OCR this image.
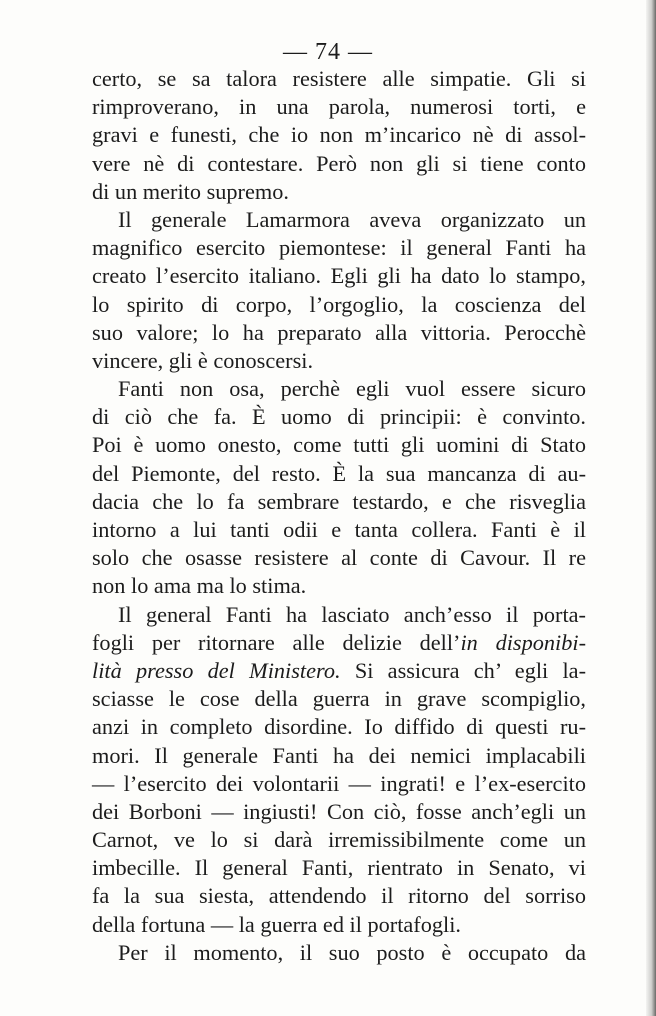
— 74 —
certo, se sa talora resistere alle simpatie. Gli si
rimproverano, in una parola, numerosi torti, e
gravi e funesti, che io non m’incarico nè di assol-
vere nè di contestare. Però non gli si tiene conto
di un merito supremo.
Il generale Lamarmora aveva organizzato un
magnifico esercito piemontese: il general Fanti ha
creato l’esercito italiano. Egli gli ha dato lo stampo,
lo spirito di corpo, l’orgoglio, la coscienza del
suo valore; lo ha preparato alla vittoria. Perocchè
vincere, gli è conoscersi.
Fanti non osa, perchè egli vuol essere sicuro
di ciò che fa. È uomo di principii: è convinto.
Poi è uomo onesto, come tutti gli uomini di Stato
del Piemonte, del resto. È la sua mancanza di au-
dacia che lo fa sembrare testardo, e che risveglia
intorno a lui tanti odii e tanta collera. Fanti è il
solo che osasse resistere al conte di Cavour. Il re
non lo ama ma lo stima.
Il general Fanti ha lasciato anch’esso il porta-
fogli per ritornare alle delizie dell’in disponibi-
lità presso del Ministero. Si assicura ch’ egli la-
sciasse le cose della guerra in grave scompiglio,
anzi in completo disordine. Io diffido di questi ru-
mori. Il generale Fanti ha dei nemici implacabili
— l’esercito dei volontarii — ingrati! e l’ex-esercito
dei Borboni — ingiusti! Con ciò, fosse anch’egli un
Carnot, ve lo si darà irremissibilmente come un
imbecille. Il general Fanti, rientrato in Senato, vi
fa la sua siesta, attendendo il ritorno del sorriso
della fortuna — la guerra ed il portafogli.
Per il momento, il suo posto è occupato da
